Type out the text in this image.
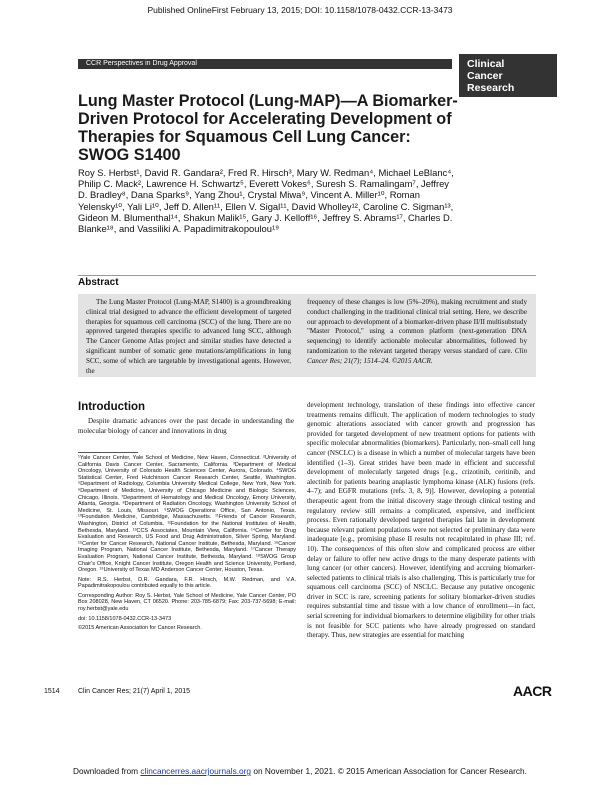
Published OnlineFirst February 13, 2015; DOI: 10.1158/1078-0432.CCR-13-3473
CCR Perspectives in Drug Approval	Clinical
Cancer
Research
Lung Master Protocol (Lung-MAP)—A Biomarker-Driven Protocol for Accelerating Development of Therapies for Squamous Cell Lung Cancer: SWOG S1400
Roy S. Herbst¹, David R. Gandara², Fred R. Hirsch³, Mary W. Redman⁴, Michael LeBlanc⁴, Philip C. Mack², Lawrence H. Schwartz⁵, Everett Vokes⁶, Suresh S. Ramalingam⁷, Jeffrey D. Bradley⁸, Dana Sparks⁹, Yang Zhou¹, Crystal Miwa⁹, Vincent A. Miller¹⁰, Roman Yelensky¹⁰, Yali Li¹⁰, Jeff D. Allen¹¹, Ellen V. Sigal¹¹, David Wholley¹², Caroline C. Sigman¹³, Gideon M. Blumenthal¹⁴, Shakun Malik¹⁵, Gary J. Kelloff¹⁶, Jeffrey S. Abrams¹⁷, Charles D. Blanke¹⁸, and Vassiliki A. Papadimitrakopoulou¹⁹
Abstract
The Lung Master Protocol (Lung-MAP, S1400) is a groundbreaking clinical trial designed to advance the efficient development of targeted therapies for squamous cell carcinoma (SCC) of the lung. There are no approved targeted therapies specific to advanced lung SCC, although The Cancer Genome Atlas project and similar studies have detected a significant number of somatic gene mutations/amplifications in lung SCC, some of which are targetable by investigational agents. However, the
frequency of these changes is low (5%–20%), making recruitment and study conduct challenging in the traditional clinical trial setting. Here, we describe our approach to development of a biomarker-driven phase II/II multisubstudy "Master Protocol," using a common platform (next-generation DNA sequencing) to identify actionable molecular abnormalities, followed by randomization to the relevant targeted therapy versus standard of care. Clin Cancer Res; 21(7); 1514–24. ©2015 AACR.
Introduction
Despite dramatic advances over the past decade in understanding the molecular biology of cancer and innovations in drug
¹Yale Cancer Center, Yale School of Medicine, New Haven, Connecticut. ²University of California Davis Cancer Center, Sacramento, California. ³Department of Medical Oncology, University of Colorado Health Sciences Center, Aurora, Colorado. ⁴SWOG Statistical Center, Fred Hutchinson Cancer Research Center, Seattle, Washington. ⁵Department of Radiology, Columbia University Medical College, New York, New York. ⁶Department of Medicine, University of Chicago Medicine and Biologic Sciences, Chicago, Illinois. ⁷Department of Hematology and Medical Oncology, Emory University, Atlanta, Georgia. ⁸Department of Radiation Oncology, Washington University School of Medicine, St. Louis, Missouri. ⁹SWOG Operations Office, San Antonio, Texas. ¹⁰Foundation Medicine, Cambridge, Massachusetts. ¹¹Friends of Cancer Research, Washington, District of Columbia. ¹²Foundation for the National Institutes of Health, Bethesda, Maryland. ¹³CCS Associates, Mountain View, California. ¹⁴Center for Drug Evaluation and Research, US Food and Drug Administration, Silver Spring, Maryland. ¹⁵Center for Cancer Research, National Cancer Institute, Bethesda, Maryland. ¹⁶Cancer Imaging Program, National Cancer Institute, Bethesda, Maryland. ¹⁷Cancer Therapy Evaluation Program, National Cancer Institute, Bethesda, Maryland. ¹⁸SWOG Group Chair's Office, Knight Cancer Institute, Oregon Health and Science University, Portland, Oregon. ¹⁹University of Texas MD Anderson Cancer Center, Houston, Texas.
Note: R.S. Herbst, D.R. Gandara, F.R. Hirsch, M.W. Redman, and V.A. Papadimitrakopoulou contributed equally to this article.
Corresponding Author: Roy S. Herbst, Yale School of Medicine, Yale Cancer Center, PO Box 208028, New Haven, CT 06520. Phone: 203-785-6879; Fax: 203-737-5698; E-mail: roy.herbst@yale.edu
doi: 10.1158/1078-0432.CCR-13-3473
©2015 American Association for Cancer Research.
development technology, translation of these findings into effective cancer treatments remains difficult. The application of modern technologies to study genomic alterations associated with cancer growth and progression has provided for targeted development of new treatment options for patients with specific molecular abnormalities (biomarkers). Particularly, non–small cell lung cancer (NSCLC) is a disease in which a number of molecular targets have been identified (1–3). Great strides have been made in efficient and successful development of molecularly targeted drugs [e.g., crizotinib, ceritinib, and alectinib for patients bearing anaplastic lymphoma kinase (ALK) fusions (refs. 4–7); and EGFR mutations (refs. 3, 8, 9)]. However, developing a potential therapeutic agent from the initial discovery stage through clinical testing and regulatory review still remains a complicated, expensive, and inefficient process. Even rationally developed targeted therapies fail late in development because relevant patient populations were not selected or preliminary data were inadequate [e.g., promising phase II results not recapitulated in phase III; ref. 10). The consequences of this often slow and complicated process are either delay or failure to offer new active drugs to the many desperate patients with lung cancer (or other cancers). However, identifying and accruing biomarker-selected patients to clinical trials is also challenging. This is particularly true for squamous cell carcinoma (SCC) of NSCLC. Because any putative oncogenic driver in SCC is rare, screening patients for solitary biomarker-driven studies requires substantial time and tissue with a low chance of enrollment—in fact, serial screening for individual biomarkers to determine eligibility for other trials is not feasible for SCC patients who have already progressed on standard therapy. Thus, new strategies are essential for matching
1514	Clin Cancer Res; 21(7) April 1, 2015	AACR
Downloaded from clincancerres.aacrjournals.org on November 1, 2021. © 2015 American Association for Cancer Research.
